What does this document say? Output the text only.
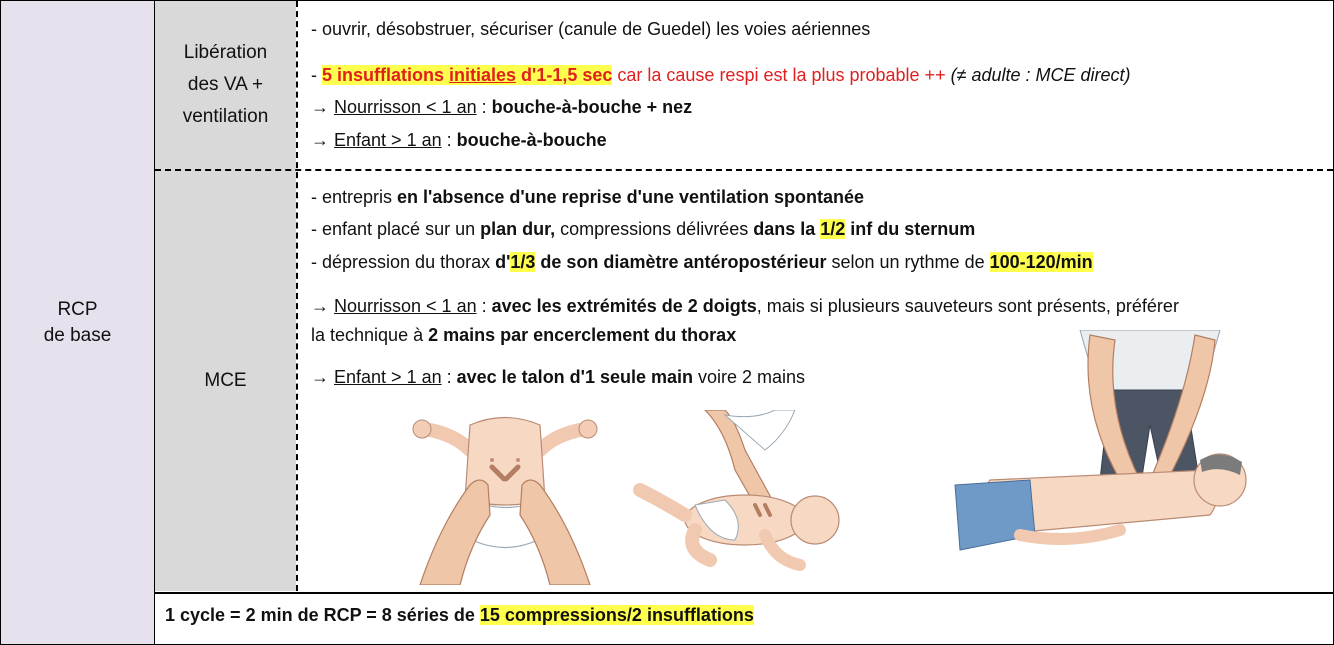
RCP
de base
Libération
des VA +
ventilation
MCE
- ouvrir, désobstruer, sécuriser (canule de Guedel) les voies aériennes
- 5 insufflations initiales d'1-1,5 sec car la cause respi est la plus probable ++ (≠ adulte : MCE direct)
→ Nourrisson < 1 an : bouche-à-bouche + nez
→ Enfant > 1 an : bouche-à-bouche
- entrepris en l'absence d'une reprise d'une ventilation spontanée
- enfant placé sur un plan dur, compressions délivrées dans la 1/2 inf du sternum
- dépression du thorax d'1/3 de son diamètre antéropostérieur selon un rythme de 100-120/min
→ Nourrisson < 1 an : avec les extrémités de 2 doigts, mais si plusieurs sauveteurs sont présents, préférer
la technique à 2 mains par encerclement du thorax
→ Enfant > 1 an : avec le talon d'1 seule main voire 2 mains
1 cycle = 2 min de RCP = 8 séries de 15 compressions/2 insufflations
